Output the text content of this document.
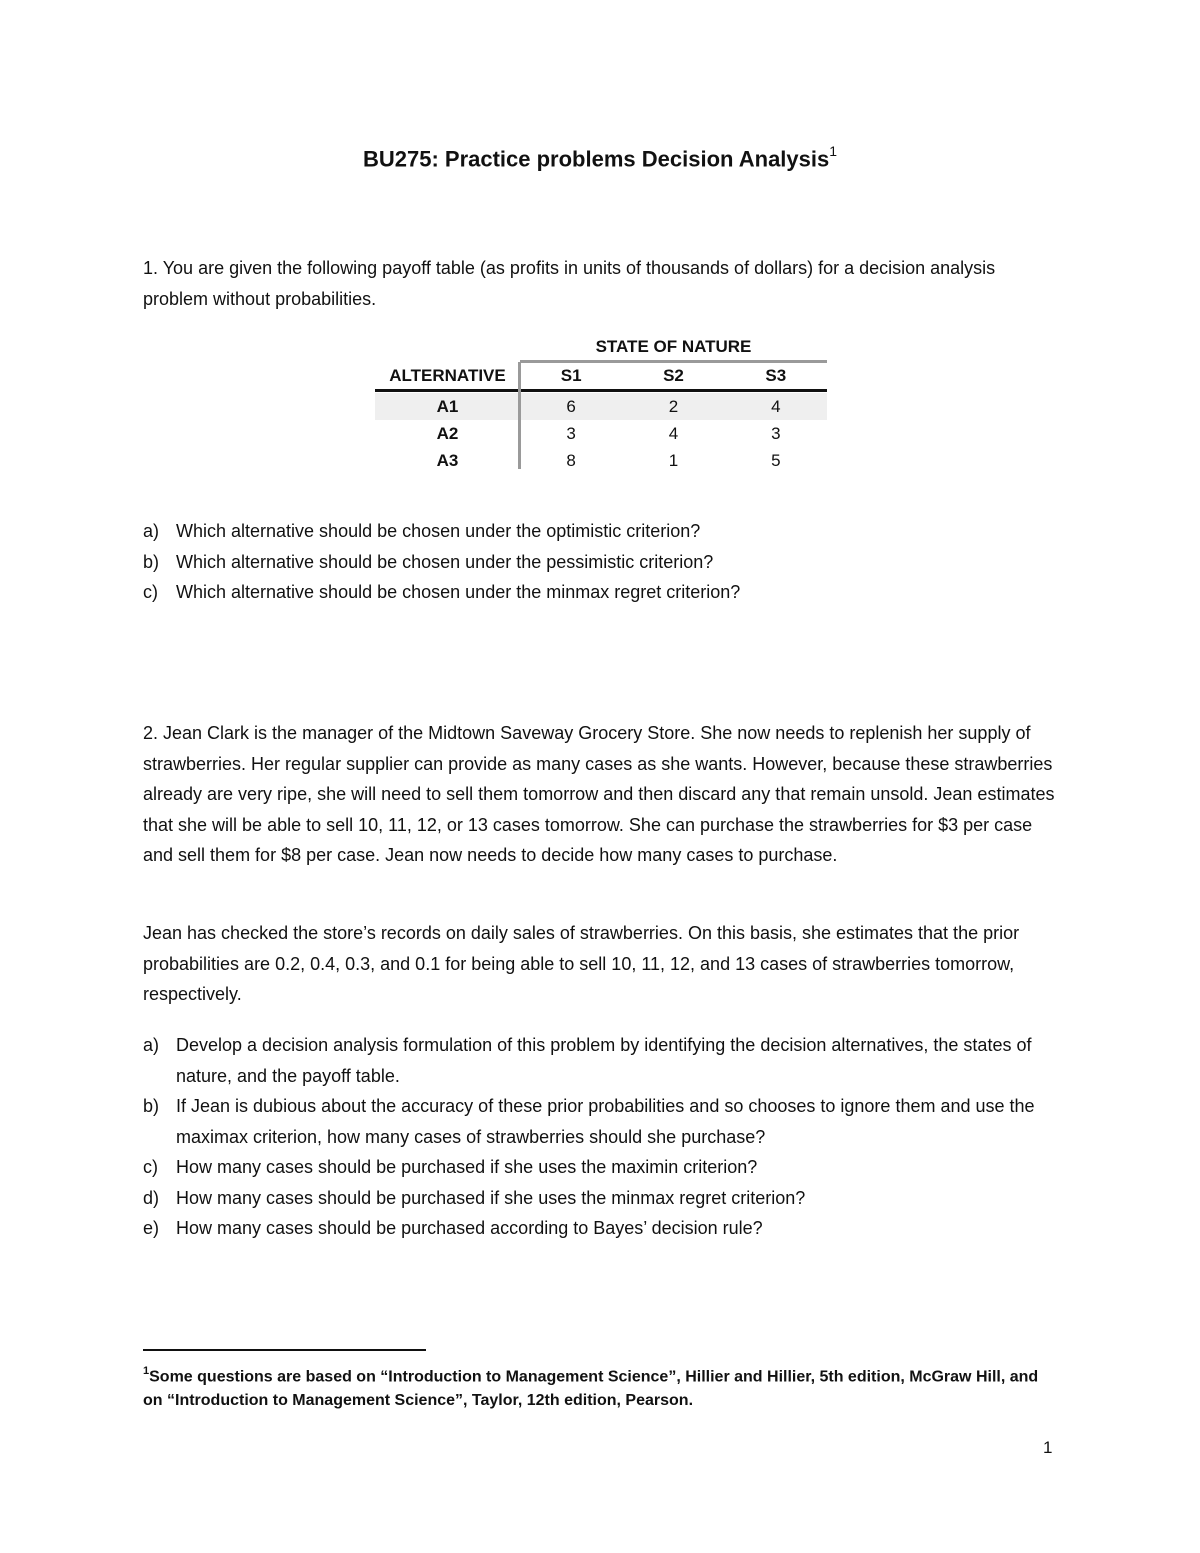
BU275: Practice problems Decision Analysis$^1$

1. You are given the following payoff table (as profits in units of thousands of dollars) for a decision analysis problem without probabilities.

STATE OF NATURE
ALTERNATIVE	S1	S2	S3
A1	6	2	4
A2	3	4	3
A3	8	1	5
a) Which alternative should be chosen under the optimistic criterion?
b) Which alternative should be chosen under the pessimistic criterion?
c) Which alternative should be chosen under the minmax regret criterion?

2. Jean Clark is the manager of the Midtown Saveway Grocery Store. She now needs to replenish her supply of strawberries. Her regular supplier can provide as many cases as she wants. However, because these strawberries already are very ripe, she will need to sell them tomorrow and then discard any that remain unsold. Jean estimates that she will be able to sell 10, 11, 12, or 13 cases tomorrow. She can purchase the strawberries for $3 per case and sell them for $8 per case. Jean now needs to decide how many cases to purchase.

Jean has checked the store’s records on daily sales of strawberries. On this basis, she estimates that the prior probabilities are 0.2, 0.4, 0.3, and 0.1 for being able to sell 10, 11, 12, and 13 cases of strawberries tomorrow, respectively.

a) Develop a decision analysis formulation of this problem by identifying the decision alternatives, the states of nature, and the payoff table.
b) If Jean is dubious about the accuracy of these prior probabilities and so chooses to ignore them and use the maximax criterion, how many cases of strawberries should she purchase?
c) How many cases should be purchased if she uses the maximin criterion?
d) How many cases should be purchased if she uses the minmax regret criterion?
e) How many cases should be purchased according to Bayes’ decision rule?
$^1$Some questions are based on “Introduction to Management Science”, Hillier and Hillier, 5th edition, McGraw Hill, and on “Introduction to Management Science”, Taylor, 12th edition, Pearson.
1
